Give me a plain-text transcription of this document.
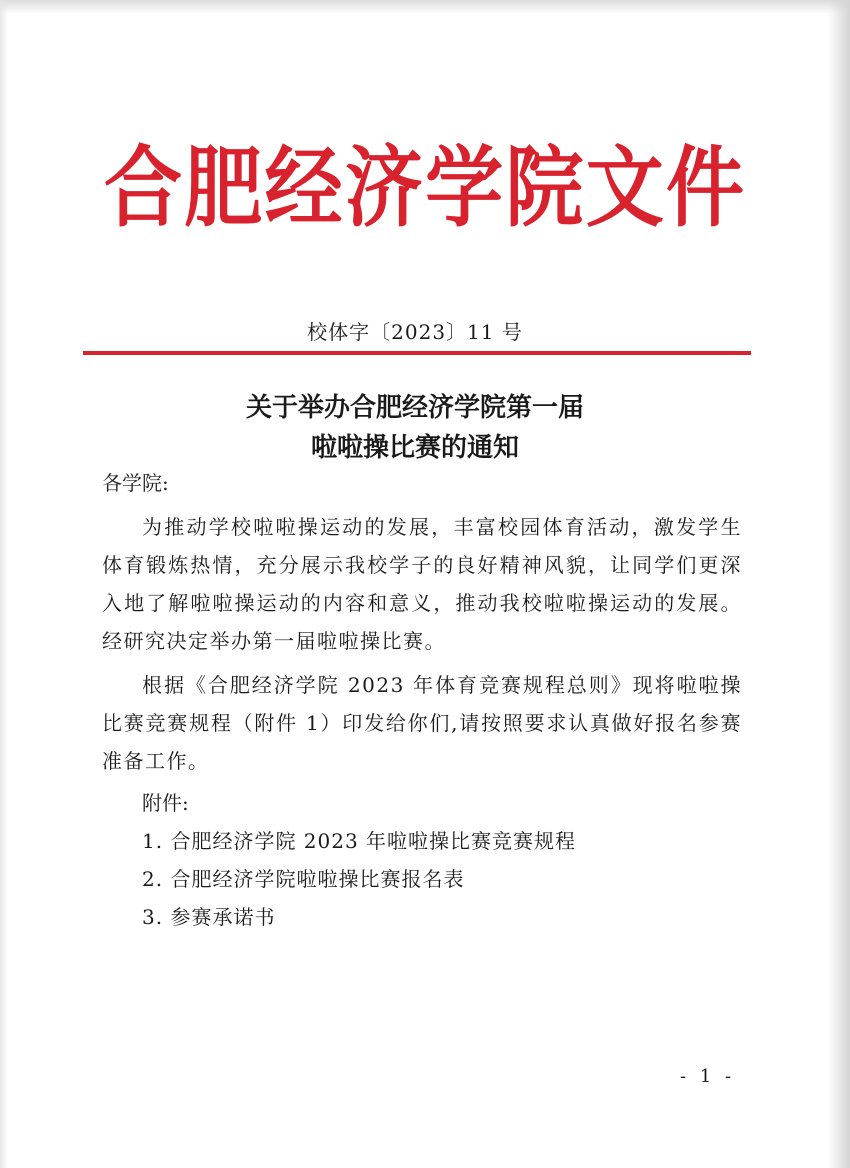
合 肥 经 济 学 院 文 件
校体字〔2023〕11 号
关于举办合肥经济学院第一届
啦啦操比赛的通知

各学院:

为推动学校啦啦操运动的发展，丰富校园体育活动，激发学生体育锻炼热情，充分展示我校学子的良好精神风貌，让同学们更深入地了解啦啦操运动的内容和意义，推动我校啦啦操运动的发展。经研究决定举办第一届啦啦操比赛。

根据《合肥经济学院 2023 年体育竞赛规程总则》现将啦啦操比赛竞赛规程（附件 1）印发给你们,请按照要求认真做好报名参赛准备工作。

附件:

1. 合肥经济学院 2023 年啦啦操比赛竞赛规程
2. 合肥经济学院啦啦操比赛报名表
3. 参赛承诺书
- 1 -
